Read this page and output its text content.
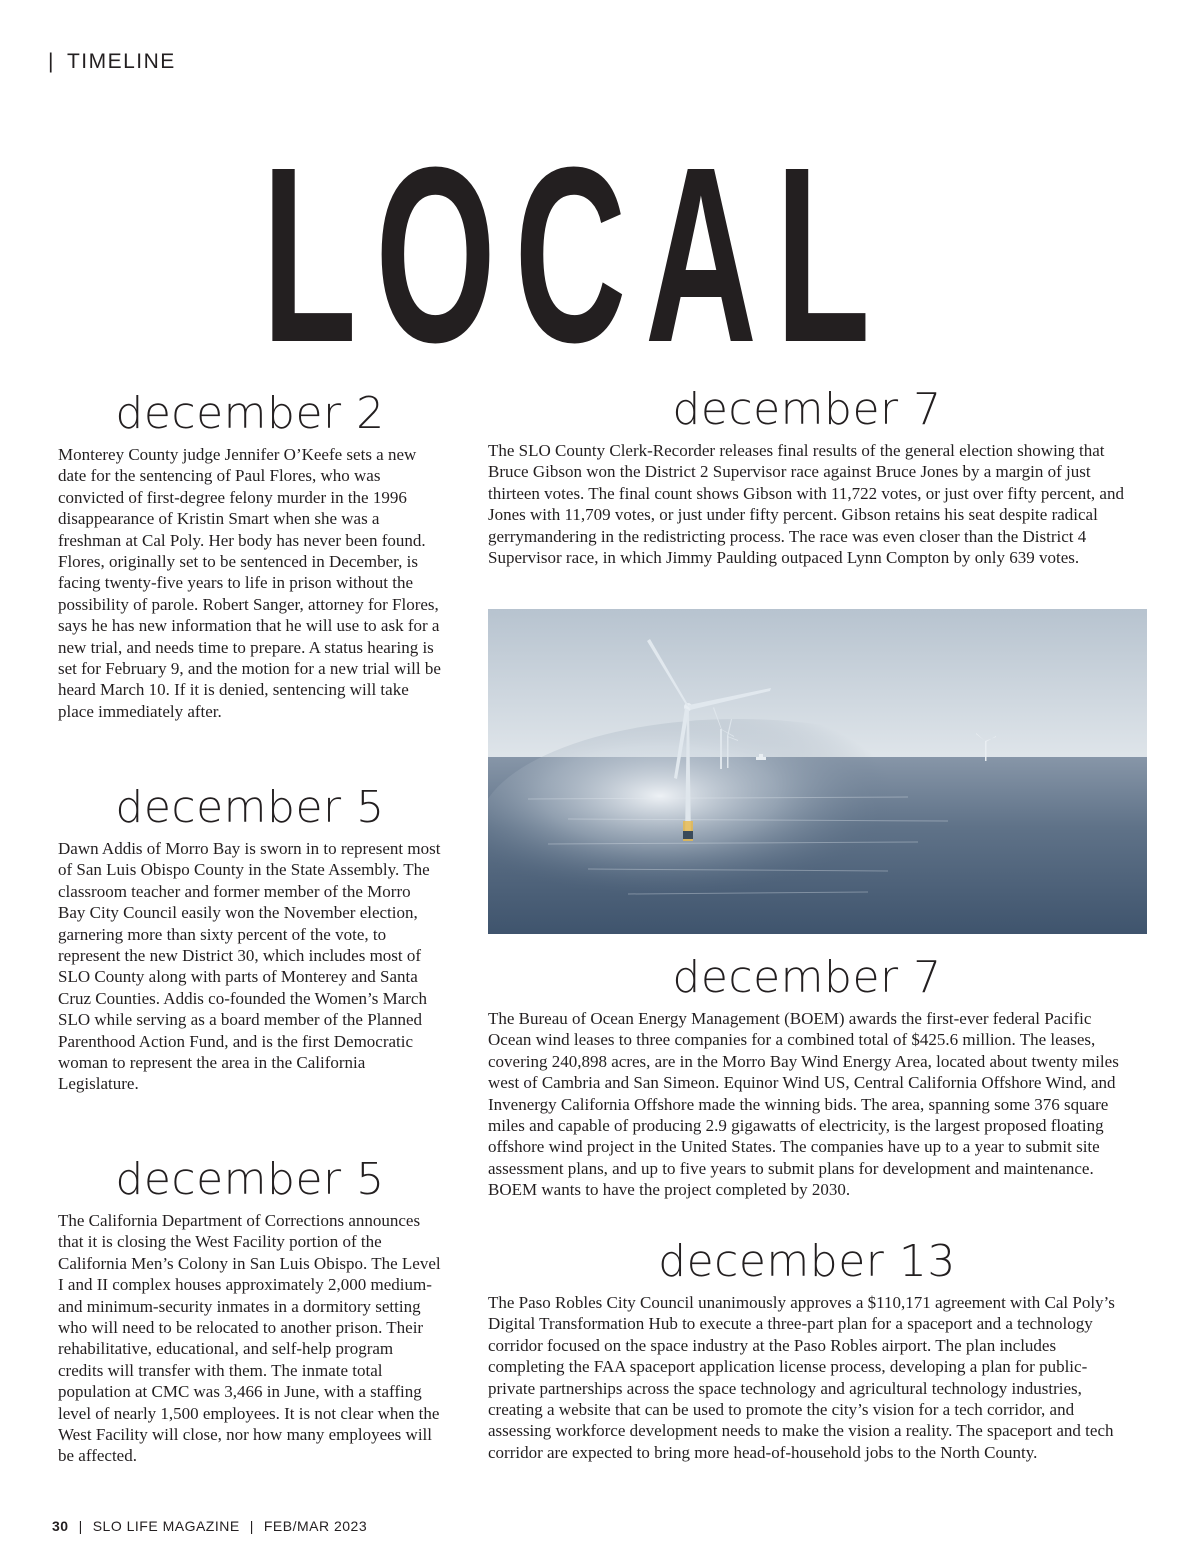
| TIMELINE
LOCAL
december 2

Monterey County judge Jennifer O’Keefe sets a new date for the sentencing of Paul Flores, who was convicted of first-degree felony murder in the 1996 disappearance of Kristin Smart when she was a freshman at Cal Poly. Her body has never been found. Flores, originally set to be sentenced in December, is facing twenty-five years to life in prison without the possibility of parole. Robert Sanger, attorney for Flores, says he has new information that he will use to ask for a new trial, and needs time to prepare. A status hearing is set for February 9, and the motion for a new trial will be heard March 10. If it is denied, sentencing will take place immediately after.

december 5

Dawn Addis of Morro Bay is sworn in to represent most of San Luis Obispo County in the State Assembly. The classroom teacher and former member of the Morro Bay City Council easily won the November election, garnering more than sixty percent of the vote, to represent the new District 30, which includes most of SLO County along with parts of Monterey and Santa Cruz Counties. Addis co-founded the Women’s March SLO while serving as a board member of the Planned Parenthood Action Fund, and is the first Democratic woman to represent the area in the California Legislature.

december 5

The California Department of Corrections announces that it is closing the West Facility portion of the California Men’s Colony in San Luis Obispo. The Level I and II complex houses approximately 2,000 medium- and minimum-security inmates in a dormitory setting who will need to be relocated to another prison. Their rehabilitative, educational, and self-help program credits will transfer with them. The inmate total population at CMC was 3,466 in June, with a staffing level of nearly 1,500 employees. It is not clear when the West Facility will close, nor how many employees will be affected.

december 7

The SLO County Clerk-Recorder releases final results of the general election showing that Bruce Gibson won the District 2 Supervisor race against Bruce Jones by a margin of just thirteen votes. The final count shows Gibson with 11,722 votes, or just over fifty percent, and Jones with 11,709 votes, or just under fifty percent. Gibson retains his seat despite radical gerrymandering in the redistricting process. The race was even closer than the District 4 Supervisor race, in which Jimmy Paulding outpaced Lynn Compton by only 639 votes.

december 7

The Bureau of Ocean Energy Management (BOEM) awards the first-ever federal Pacific Ocean wind leases to three companies for a combined total of $425.6 million. The leases, covering 240,898 acres, are in the Morro Bay Wind Energy Area, located about twenty miles west of Cambria and San Simeon. Equinor Wind US, Central California Offshore Wind, and Invenergy California Offshore made the winning bids. The area, spanning some 376 square miles and capable of producing 2.9 gigawatts of electricity, is the largest proposed floating offshore wind project in the United States. The companies have up to a year to submit site assessment plans, and up to five years to submit plans for development and maintenance. BOEM wants to have the project completed by 2030.

december 13

The Paso Robles City Council unanimously approves a $110,171 agreement with Cal Poly’s Digital Transformation Hub to execute a three-part plan for a spaceport and a technology corridor focused on the space industry at the Paso Robles airport. The plan includes completing the FAA spaceport application license process, developing a plan for public-private partnerships across the space technology and agricultural technology industries, creating a website that can be used to promote the city’s vision for a tech corridor, and assessing workforce development needs to make the vision a reality. The spaceport and tech corridor are expected to bring more head-of-household jobs to the North County.

30 | SLO LIFE MAGAZINE | FEB/MAR 2023
